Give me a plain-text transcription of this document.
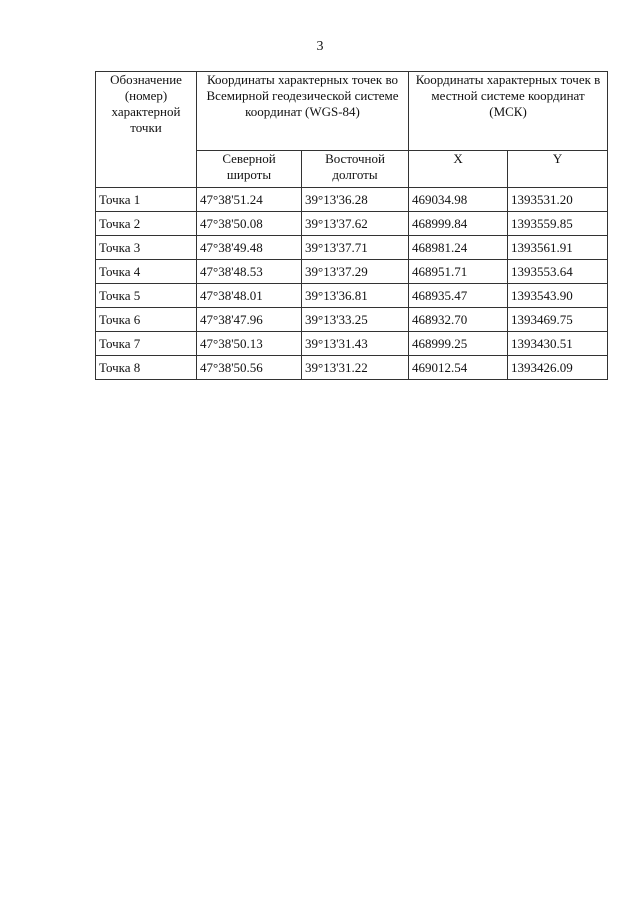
3
Обозначение (номер) характерной точки	Координаты характерных точек во Всемирной геодезической системе координат (WGS-84)		Координаты характерных точек в местной системе координат (МСК)	
	Северной широты	Восточной долготы	X	Y
Точка 1	47°38'51.24	39°13'36.28	469034.98	1393531.20
Точка 2	47°38'50.08	39°13'37.62	468999.84	1393559.85
Точка 3	47°38'49.48	39°13'37.71	468981.24	1393561.91
Точка 4	47°38'48.53	39°13'37.29	468951.71	1393553.64
Точка 5	47°38'48.01	39°13'36.81	468935.47	1393543.90
Точка 6	47°38'47.96	39°13'33.25	468932.70	1393469.75
Точка 7	47°38'50.13	39°13'31.43	468999.25	1393430.51
Точка 8	47°38'50.56	39°13'31.22	469012.54	1393426.09
